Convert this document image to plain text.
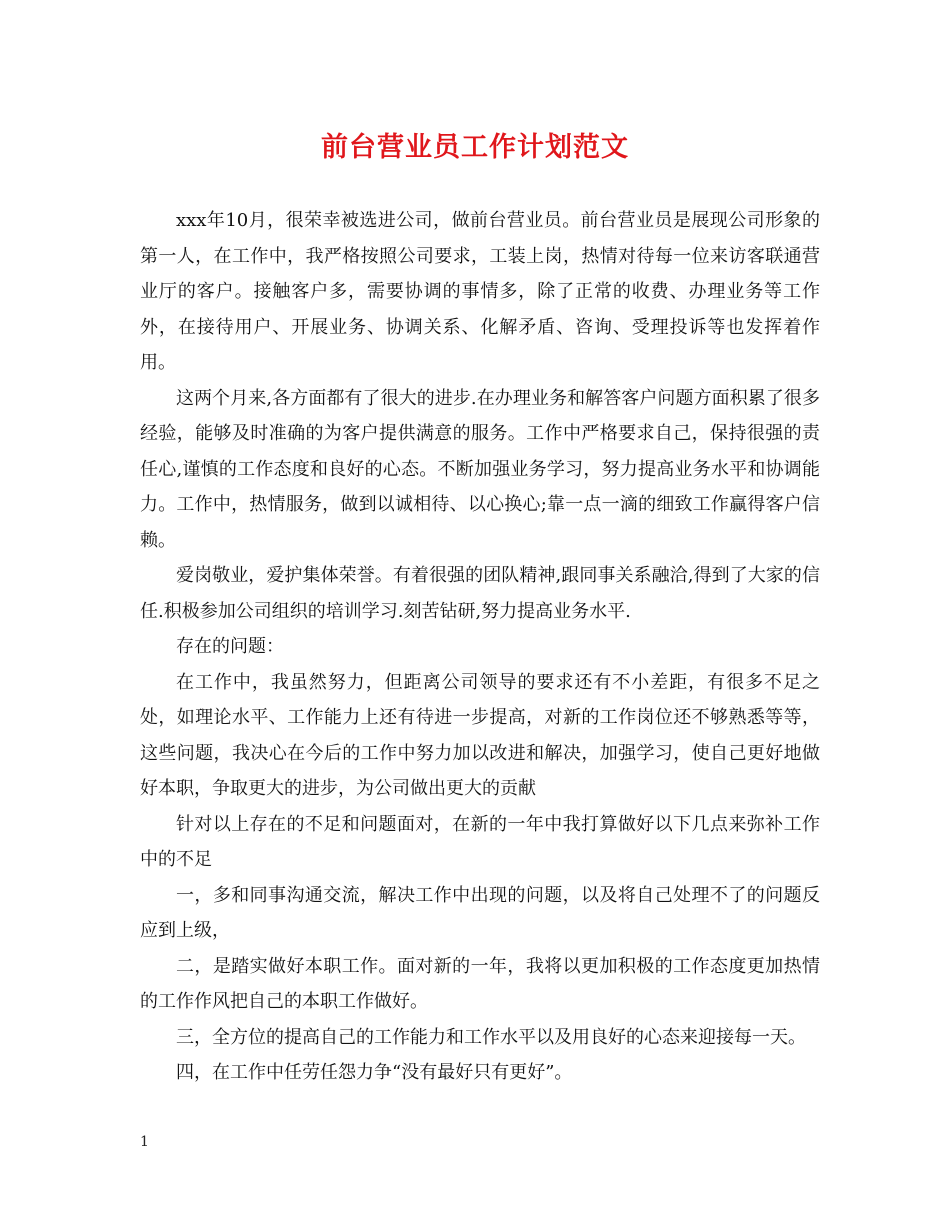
前台营业员工作计划范文

xxx年10月，很荣幸被选进公司，做前台营业员。前台营业员是展现公司形象的第一人，在工作中，我严格按照公司要求，工装上岗，热情对待每一位来访客联通营业厅的客户。接触客户多，需要协调的事情多，除了正常的收费、办理业务等工作外，在接待用户、开展业务、协调关系、化解矛盾、咨询、受理投诉等也发挥着作用。

这两个月来,各方面都有了很大的进步.在办理业务和解答客户问题方面积累了很多经验，能够及时准确的为客户提供满意的服务。工作中严格要求自己，保持很强的责任心,谨慎的工作态度和良好的心态。不断加强业务学习，努力提高业务水平和协调能力。工作中，热情服务，做到以诚相待、以心换心;靠一点一滴的细致工作赢得客户信赖。

爱岗敬业，爱护集体荣誉。有着很强的团队精神,跟同事关系融洽,得到了大家的信任.积极参加公司组织的培训学习.刻苦钻研,努力提高业务水平.

存在的问题：

在工作中，我虽然努力，但距离公司领导的要求还有不小差距，有很多不足之处，如理论水平、工作能力上还有待进一步提高，对新的工作岗位还不够熟悉等等，这些问题，我决心在今后的工作中努力加以改进和解决，加强学习，使自己更好地做好本职，争取更大的进步，为公司做出更大的贡献

针对以上存在的不足和问题面对，在新的一年中我打算做好以下几点来弥补工作中的不足

一，多和同事沟通交流，解决工作中出现的问题，以及将自己处理不了的问题反应到上级，

二，是踏实做好本职工作。面对新的一年，我将以更加积极的工作态度更加热情的工作作风把自己的本职工作做好。

三，全方位的提高自己的工作能力和工作水平以及用良好的心态来迎接每一天。

四，在工作中任劳任怨力争“没有最好只有更好”。

1
